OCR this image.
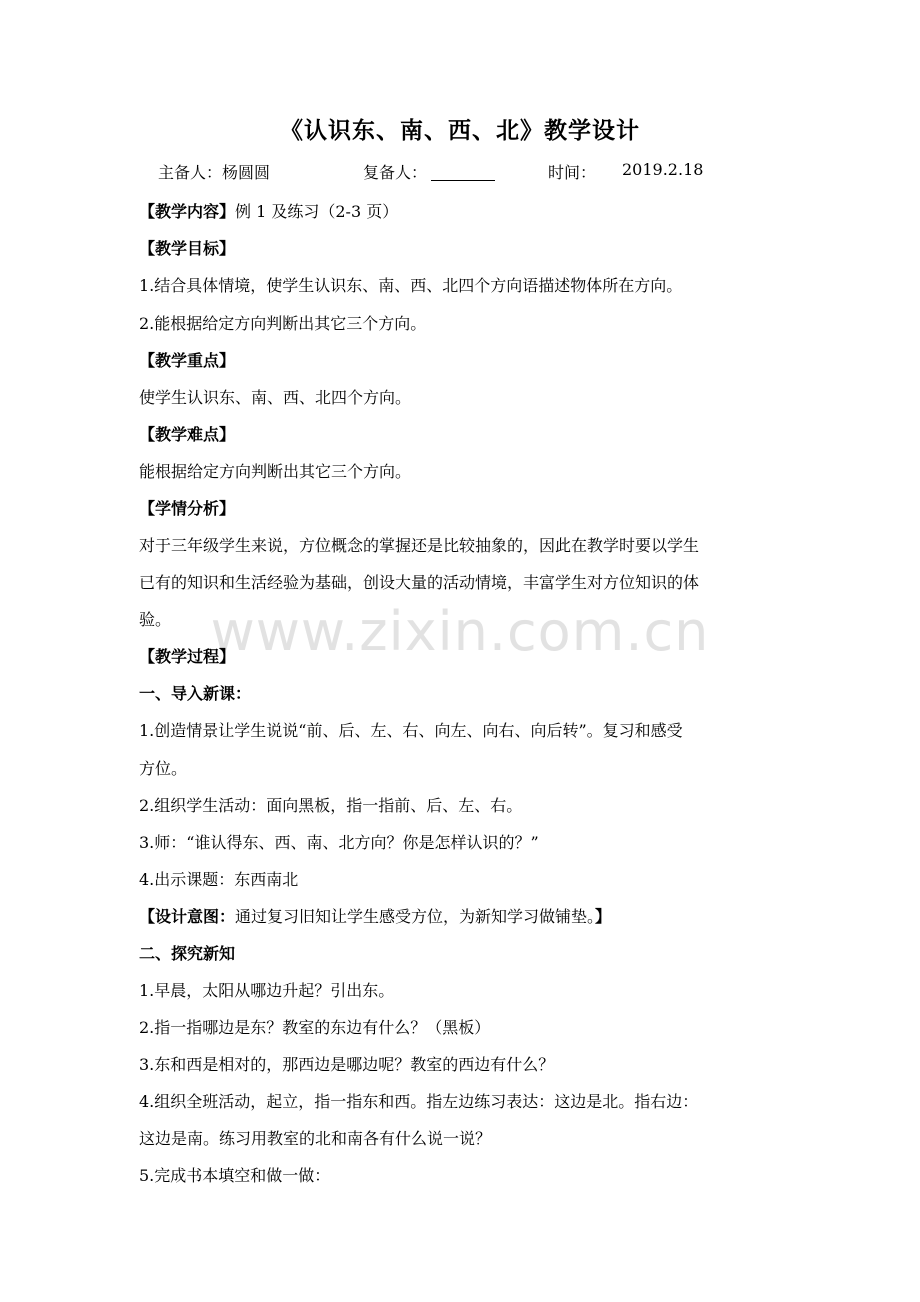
www.zixin.com.cn
《认识东、南、西、北》教学设计
主备人：杨圆圆	复备人：	时间： 2019.2.18
【教学内容】例 1 及练习（2-3 页）
【教学目标】
1.结合具体情境，使学生认识东、南、西、北四个方向语描述物体所在方向。
2.能根据给定方向判断出其它三个方向。
【教学重点】
使学生认识东、南、西、北四个方向。
【教学难点】
能根据给定方向判断出其它三个方向。
【学情分析】
对于三年级学生来说，方位概念的掌握还是比较抽象的，因此在教学时要以学生
已有的知识和生活经验为基础，创设大量的活动情境，丰富学生对方位知识的体
验。
【教学过程】
一、导入新课：
1.创造情景让学生说说“前、后、左、右、向左、向右、向后转”。复习和感受
方位。
2.组织学生活动：面向黑板，指一指前、后、左、右。
3.师：“谁认得东、西、南、北方向？你是怎样认识的？”
4.出示课题：东西南北
【设计意图：通过复习旧知让学生感受方位，为新知学习做铺垫。】
二、探究新知
1.早晨，太阳从哪边升起？引出东。
2.指一指哪边是东？教室的东边有什么？（黑板）
3.东和西是相对的，那西边是哪边呢？教室的西边有什么？
4.组织全班活动，起立，指一指东和西。指左边练习表达：这边是北。指右边：
这边是南。练习用教室的北和南各有什么说一说？
5.完成书本填空和做一做：
